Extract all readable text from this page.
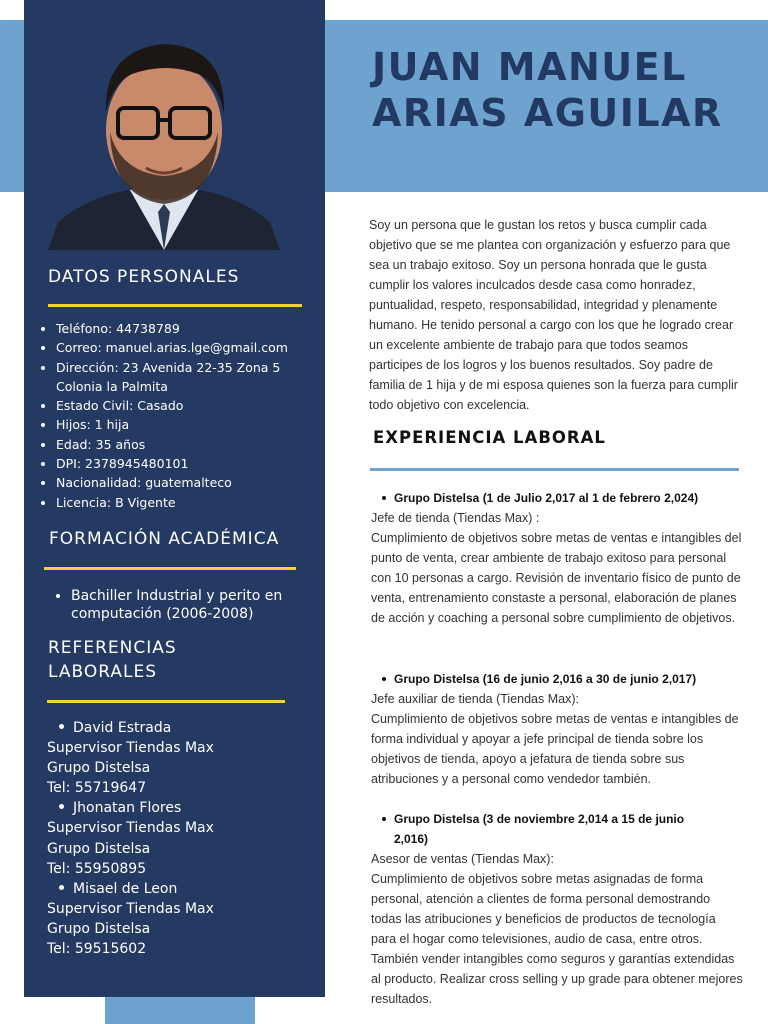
JUAN MANUEL
ARIAS AGUILAR
DATOS PERSONALES
• Teléfono: 44738789
• Correo: manuel.arias.lge@gmail.com
• Dirección: 23 Avenida 22-35 Zona 5 Colonia la Palmita
• Estado Civil: Casado
• Hijos: 1 hija
• Edad: 35 años
• DPI: 2378945480101
• Nacionalidad: guatemalteco
• Licencia: B Vigente
FORMACIÓN ACADÉMICA
• Bachiller Industrial y perito en computación (2006-2008)
REFERENCIAS
LABORALES
David Estrada
Supervisor Tiendas Max
Grupo Distelsa
Tel: 55719647
Jhonatan Flores
Supervisor Tiendas Max
Grupo Distelsa
Tel: 55950895
Misael de Leon
Supervisor Tiendas Max
Grupo Distelsa
Tel: 59515602

Soy un persona que le gustan los retos y busca cumplir cada objetivo que se me plantea con organización y esfuerzo para que sea un trabajo exitoso. Soy un persona honrada que le gusta cumplir los valores inculcados desde casa como honradez, puntualidad, respeto, responsabilidad, integridad y plenamente humano. He tenido personal a cargo con los que he logrado crear un excelente ambiente de trabajo para que todos seamos participes de los logros y los buenos resultados. Soy padre de familia de 1 hija y de mi esposa quienes son la fuerza para cumplir todo objetivo con excelencia.

EXPERIENCIA LABORAL
Grupo Distelsa (1 de Julio 2,017 al 1 de febrero 2,024)
Jefe de tienda (Tiendas Max) :
Cumplimiento de objetivos sobre metas de ventas e intangibles del punto de venta, crear ambiente de trabajo exitoso para personal con 10 personas a cargo. Revisión de inventario físico de punto de venta, entrenamiento constaste a personal, elaboración de planes de acción y coaching a personal sobre cumplimiento de objetivos.
Grupo Distelsa (16 de junio 2,016 a 30 de junio 2,017)
Jefe auxiliar de tienda (Tiendas Max):
Cumplimiento de objetivos sobre metas de ventas e intangibles de forma individual y apoyar a jefe principal de tienda sobre los objetivos de tienda, apoyo a jefatura de tienda sobre sus atribuciones y a personal como vendedor también.
Grupo Distelsa (3 de noviembre 2,014 a 15 de junio 2,016)
Asesor de ventas (Tiendas Max):
Cumplimiento de objetivos sobre metas asignadas de forma personal, atención a clientes de forma personal demostrando todas las atribuciones y beneficios de productos de tecnología para el hogar como televisiones, audio de casa, entre otros. También vender intangibles como seguros y garantías extendidas al producto. Realizar cross selling y up grade para obtener mejores resultados.
